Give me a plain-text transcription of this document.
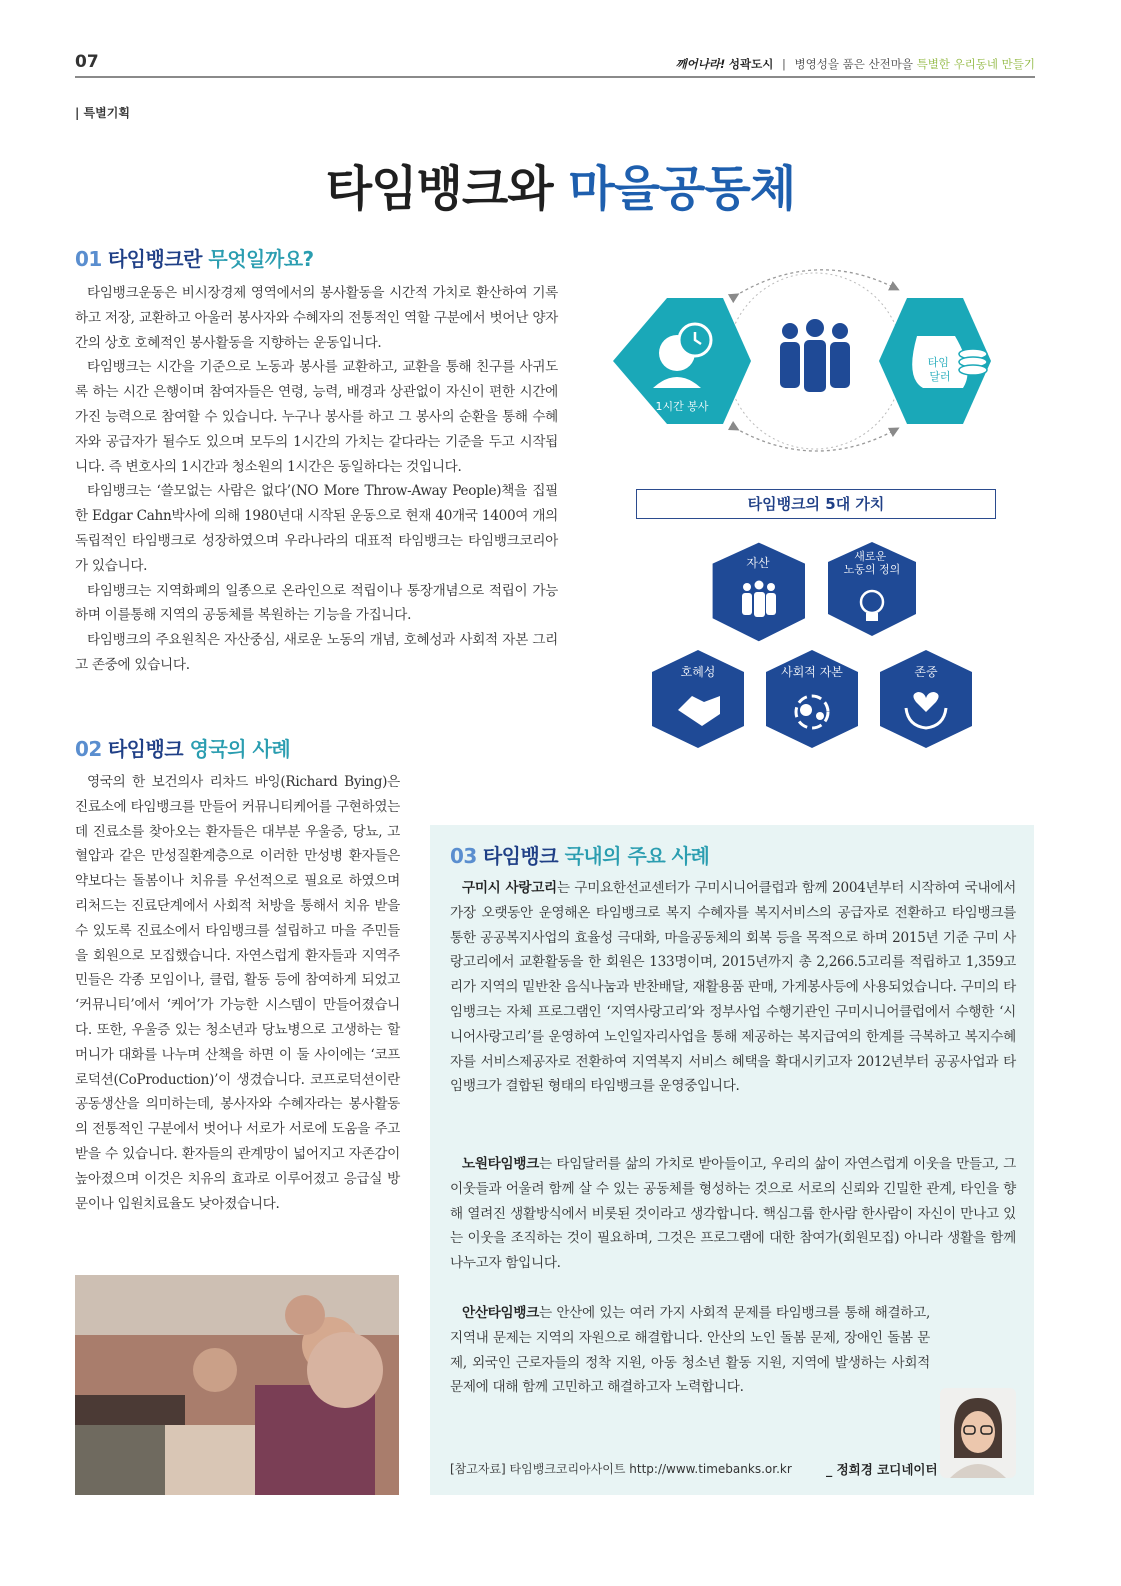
07	깨어나라! 성곽도시 | 병영성을 품은 산전마을 특별한 우리동네 만들기
| 특별기획
타임뱅크와 마을공동체
01 타임뱅크란 무엇일까요?

타임뱅크운동은 비시장경제 영역에서의 봉사활동을 시간적 가치로 환산하여 기록하고 저장, 교환하고 아울러 봉사자와 수혜자의 전통적인 역할 구분에서 벗어난 양자간의 상호 호혜적인 봉사활동을 지향하는 운동입니다.

타임뱅크는 시간을 기준으로 노동과 봉사를 교환하고, 교환을 통해 친구를 사귀도록 하는 시간 은행이며 참여자들은 연령, 능력, 배경과 상관없이 자신이 편한 시간에 가진 능력으로 참여할 수 있습니다. 누구나 봉사를 하고 그 봉사의 순환을 통해 수혜자와 공급자가 될수도 있으며 모두의 1시간의 가치는 같다라는 기준을 두고 시작됩니다. 즉 변호사의 1시간과 청소원의 1시간은 동일하다는 것입니다.

타임뱅크는 ‘쓸모없는 사람은 없다’(NO More Throw-Away People)책을 집필한 Edgar Cahn박사에 의해 1980년대 시작된 운동으로 현재 40개국 1400여 개의 독립적인 타임뱅크로 성장하였으며 우라나라의 대표적 타임뱅크는 타임뱅크코리아가 있습니다.

타임뱅크는 지역화폐의 일종으로 온라인으로 적립이나 통장개념으로 적립이 가능하며 이를통해 지역의 공동체를 복원하는 기능을 가집니다.

타임뱅크의 주요원칙은 자산중심, 새로운 노동의 개념, 호혜성과 사회적 자본 그리고 존중에 있습니다.

1시간 봉사
타임 달러
타임뱅크의 5대 가치
자산	새로운 노동의 정의
호혜성	사회적 자본	존중
02 타임뱅크 영국의 사례

영국의 한 보건의사 리차드 바잉(Richard Bying)은 진료소에 타임뱅크를 만들어 커뮤니티케어를 구현하였는데 진료소를 찾아오는 환자들은 대부분 우울증, 당뇨, 고혈압과 같은 만성질환계층으로 이러한 만성병 환자들은 약보다는 돌봄이나 치유를 우선적으로 필요로 하였으며 리처드는 진료단계에서 사회적 처방을 통해서 치유 받을 수 있도록 진료소에서 타임뱅크를 설립하고 마을 주민들을 회원으로 모집했습니다. 자연스럽게 환자들과 지역주민들은 각종 모임이나, 클럽, 활동 등에 참여하게 되었고 ‘커뮤니티’에서 ‘케어’가 가능한 시스템이 만들어졌습니다. 또한, 우울증 있는 청소년과 당뇨병으로 고생하는 할머니가 대화를 나누며 산책을 하면 이 둘 사이에는 ‘코프로덕션(CoProduction)’이 생겼습니다. 코프로덕션이란 공동생산을 의미하는데, 봉사자와 수혜자라는 봉사활동의 전통적인 구분에서 벗어나 서로가 서로에 도움을 주고 받을 수 있습니다. 환자들의 관계망이 넓어지고 자존감이 높아졌으며 이것은 치유의 효과로 이루어졌고 응급실 방문이나 입원치료율도 낮아졌습니다.

03 타임뱅크 국내의 주요 사례
구미시 사랑고리는 구미요한선교센터가 구미시니어클럽과 함께 2004년부터 시작하여 국내에서 가장 오랫동안 운영해온 타임뱅크로 복지 수혜자를 복지서비스의 공급자로 전환하고 타임뱅크를 통한 공공복지사업의 효율성 극대화, 마을공동체의 회복 등을 목적으로 하며 2015년 기준 구미 사랑고리에서 교환활동을 한 회원은 133명이며, 2015년까지 총 2,266.5고리를 적립하고 1,359고리가 지역의 밑반찬 음식나눔과 반찬배달, 재활용품 판매, 가게봉사등에 사용되었습니다. 구미의 타임뱅크는 자체 프로그램인 ‘지역사랑고리’와 정부사업 수행기관인 구미시니어클럽에서 수행한 ‘시니어사랑고리’를 운영하여 노인일자리사업을 통해 제공하는 복지급여의 한계를 극복하고 복지수혜자를 서비스제공자로 전환하여 지역복지 서비스 혜택을 확대시키고자 2012년부터 공공사업과 타임뱅크가 결합된 형태의 타임뱅크를 운영중입니다.
노원타임뱅크는 타임달러를 삶의 가치로 받아들이고, 우리의 삶이 자연스럽게 이웃을 만들고, 그 이웃들과 어울려 함께 살 수 있는 공동체를 형성하는 것으로 서로의 신뢰와 긴밀한 관계, 타인을 향해 열려진 생활방식에서 비롯된 것이라고 생각합니다. 핵심그룹 한사람 한사람이 자신이 만나고 있는 이웃을 조직하는 것이 필요하며, 그것은 프로그램에 대한 참여가(회원모집) 아니라 생활을 함께 나누고자 함입니다.
안산타임뱅크는 안산에 있는 여러 가지 사회적 문제를 타임뱅크를 통해 해결하고, 지역내 문제는 지역의 자원으로 해결합니다. 안산의 노인 돌봄 문제, 장애인 돌봄 문제, 외국인 근로자들의 정착 지원, 아동 청소년 활동 지원, 지역에 발생하는 사회적 문제에 대해 함께 고민하고 해결하고자 노력합니다.
[참고자료] 타임뱅크코리아사이트 http://www.timebanks.or.kr	_ 정희경 코디네이터
